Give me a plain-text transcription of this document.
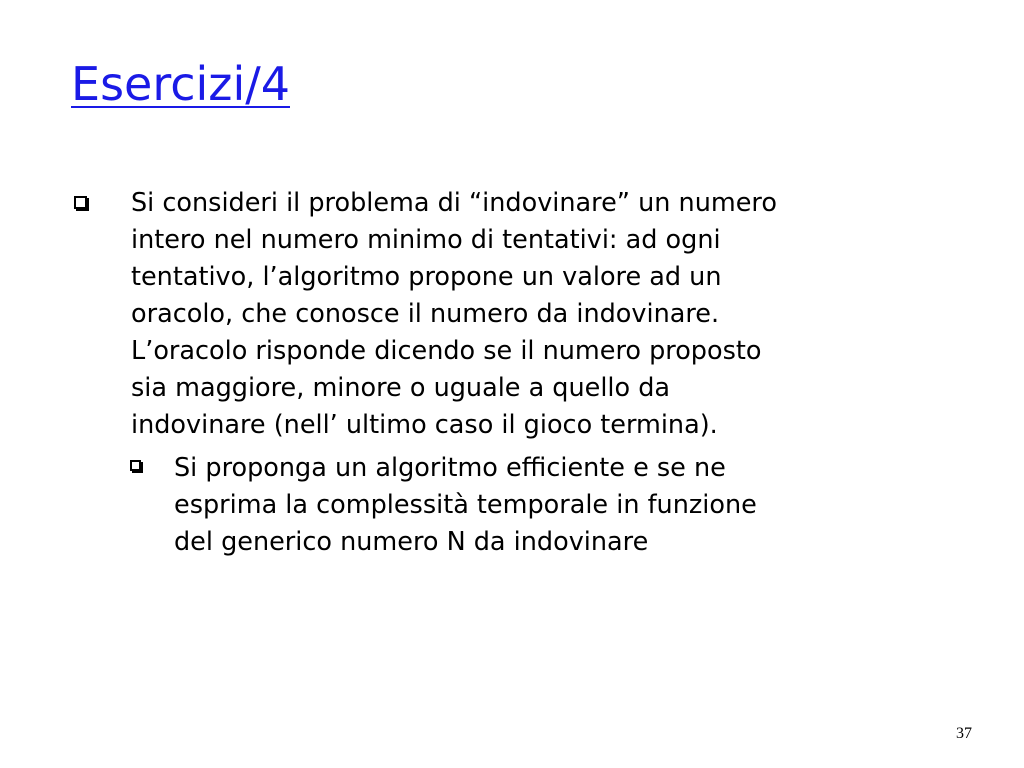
Esercizi/4
Si consideri il problema di “indovinare” un numero
intero nel numero minimo di tentativi: ad ogni
tentativo, l’algoritmo propone un valore ad un
oracolo, che conosce il numero da indovinare.
L’oracolo risponde dicendo se il numero proposto
sia maggiore, minore o uguale a quello da
indovinare (nell’ ultimo caso il gioco termina).
Si proponga un algoritmo efficiente e se ne
esprima la complessità temporale in funzione
del generico numero N da indovinare
37
